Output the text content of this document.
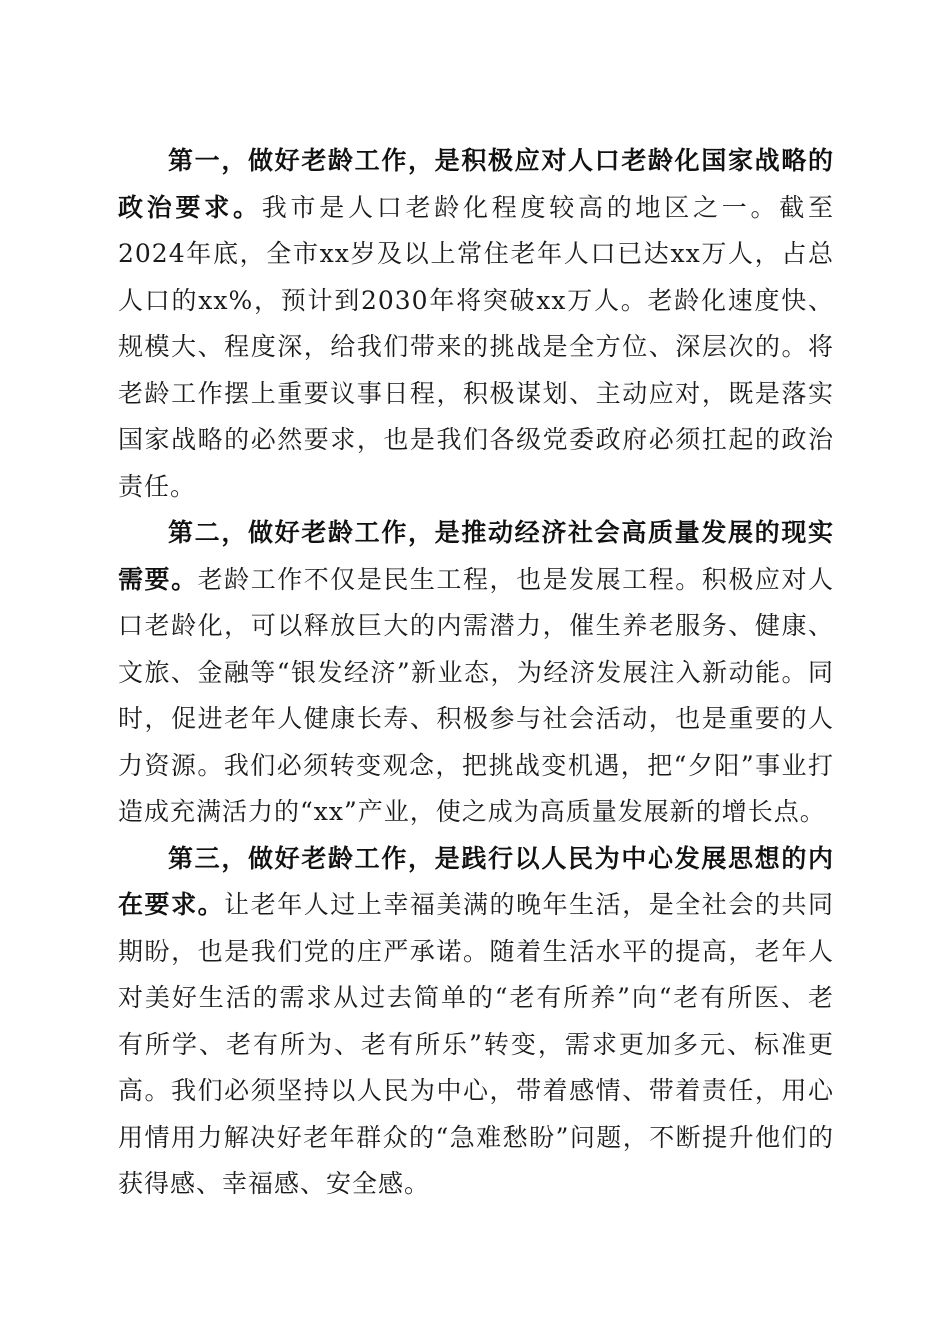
第一，做好老龄工作，是积极应对人口老龄化国家战略的政治要求。我市是人口老龄化程度较高的地区之一。截至2024年底，全市xx岁及以上常住老年人口已达xx万人，占总人口的xx%，预计到2030年将突破xx万人。老龄化速度快、规模大、程度深，给我们带来的挑战是全方位、深层次的。将老龄工作摆上重要议事日程，积极谋划、主动应对，既是落实国家战略的必然要求，也是我们各级党委政府必须扛起的政治责任。

第二，做好老龄工作，是推动经济社会高质量发展的现实需要。老龄工作不仅是民生工程，也是发展工程。积极应对人口老龄化，可以释放巨大的内需潜力，催生养老服务、健康、文旅、金融等“银发经济”新业态，为经济发展注入新动能。同时，促进老年人健康长寿、积极参与社会活动，也是重要的人力资源。我们必须转变观念，把挑战变机遇，把“夕阳”事业打造成充满活力的“xx”产业，使之成为高质量发展新的增长点。

第三，做好老龄工作，是践行以人民为中心发展思想的内在要求。让老年人过上幸福美满的晚年生活，是全社会的共同期盼，也是我们党的庄严承诺。随着生活水平的提高，老年人对美好生活的需求从过去简单的“老有所养”向“老有所医、老有所学、老有所为、老有所乐”转变，需求更加多元、标准更高。我们必须坚持以人民为中心，带着感情、带着责任，用心用情用力解决好老年群众的“急难愁盼”问题，不断提升他们的获得感、幸福感、安全感。
